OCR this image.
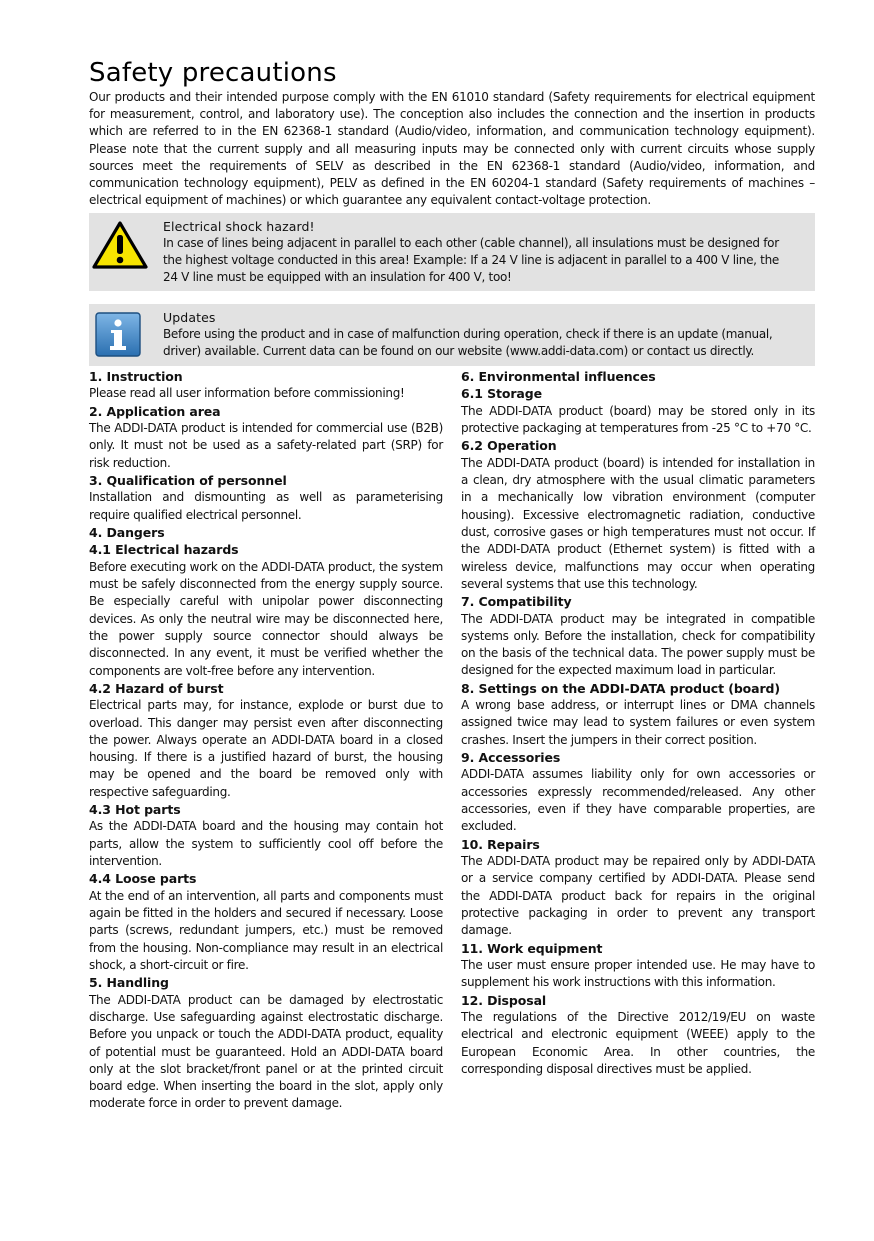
Safety precautions

Our products and their intended purpose comply with the EN 61010 standard (Safety requirements for electrical equipment for measurement, control, and laboratory use). The conception also includes the connection and the insertion in products which are referred to in the EN 62368-1 standard (Audio/video, information, and communication technology equipment). Please note that the current supply and all measuring inputs may be connected only with current circuits whose supply sources meet the requirements of SELV as described in the EN 62368-1 standard (Audio/video, information, and communication technology equipment), PELV as defined in the EN 60204-1 standard (Safety requirements of machines – electrical equipment of machines) or which guarantee any equivalent contact-voltage protection.

Electrical shock hazard!
In case of lines being adjacent in parallel to each other (cable channel), all insulations must be designed for the highest voltage conducted in this area! Example: If a 24 V line is adjacent in parallel to a 400 V line, the 24 V line must be equipped with an insulation for 400 V, too!
Updates
Before using the product and in case of malfunction during operation, check if there is an update (manual, driver) available. Current data can be found on our website (www.addi-data.com) or contact us directly.
1. Instruction

Please read all user information before commissioning!

2. Application area

The ADDI-DATA product is intended for commercial use (B2B) only. It must not be used as a safety-related part (SRP) for risk reduction.

3. Qualification of personnel

Installation and dismounting as well as parameterising require qualified electrical personnel.

4. Dangers
4.1 Electrical hazards

Before executing work on the ADDI-DATA product, the system must be safely disconnected from the energy supply source. Be especially careful with unipolar power disconnecting devices. As only the neutral wire may be disconnected here, the power supply source connector should always be disconnected. In any event, it must be verified whether the components are volt-free before any intervention.

4.2 Hazard of burst

Electrical parts may, for instance, explode or burst due to overload. This danger may persist even after disconnecting the power. Always operate an ADDI-DATA board in a closed housing. If there is a justified hazard of burst, the housing may be opened and the board be removed only with respective safeguarding.

4.3 Hot parts

As the ADDI-DATA board and the housing may contain hot parts, allow the system to sufficiently cool off before the intervention.

4.4 Loose parts

At the end of an intervention, all parts and components must again be fitted in the holders and secured if necessary. Loose parts (screws, redundant jumpers, etc.) must be removed from the housing. Non-compliance may result in an electrical shock, a short-circuit or fire.

5. Handling

The ADDI-DATA product can be damaged by electrostatic discharge. Use safeguarding against electrostatic discharge. Before you unpack or touch the ADDI-DATA product, equality of potential must be guaranteed. Hold an ADDI-DATA board only at the slot bracket/front panel or at the printed circuit board edge. When inserting the board in the slot, apply only moderate force in order to prevent damage.

6. Environmental influences
6.1 Storage

The ADDI-DATA product (board) may be stored only in its protective packaging at temperatures from -25 °C to +70 °C.

6.2 Operation

The ADDI-DATA product (board) is intended for installation in a clean, dry atmosphere with the usual climatic parameters in a mechanically low vibration environment (computer housing). Excessive electromagnetic radiation, conductive dust, corrosive gases or high temperatures must not occur. If the ADDI-DATA product (Ethernet system) is fitted with a wireless device, malfunctions may occur when operating several systems that use this technology.

7. Compatibility

The ADDI-DATA product may be integrated in compatible systems only. Before the installation, check for compatibility on the basis of the technical data. The power supply must be designed for the expected maximum load in particular.

8. Settings on the ADDI-DATA product (board)

A wrong base address, or interrupt lines or DMA channels assigned twice may lead to system failures or even system crashes. Insert the jumpers in their correct position.

9. Accessories

ADDI-DATA assumes liability only for own accessories or accessories expressly recommended/released. Any other accessories, even if they have comparable properties, are excluded.

10. Repairs

The ADDI-DATA product may be repaired only by ADDI-DATA or a service company certified by ADDI-DATA. Please send the ADDI-DATA product back for repairs in the original protective packaging in order to prevent any transport damage.

11. Work equipment

The user must ensure proper intended use. He may have to supplement his work instructions with this information.

12. Disposal

The regulations of the Directive 2012/19/EU on waste electrical and electronic equipment (WEEE) apply to the European Economic Area. In other countries, the corresponding disposal directives must be applied.
